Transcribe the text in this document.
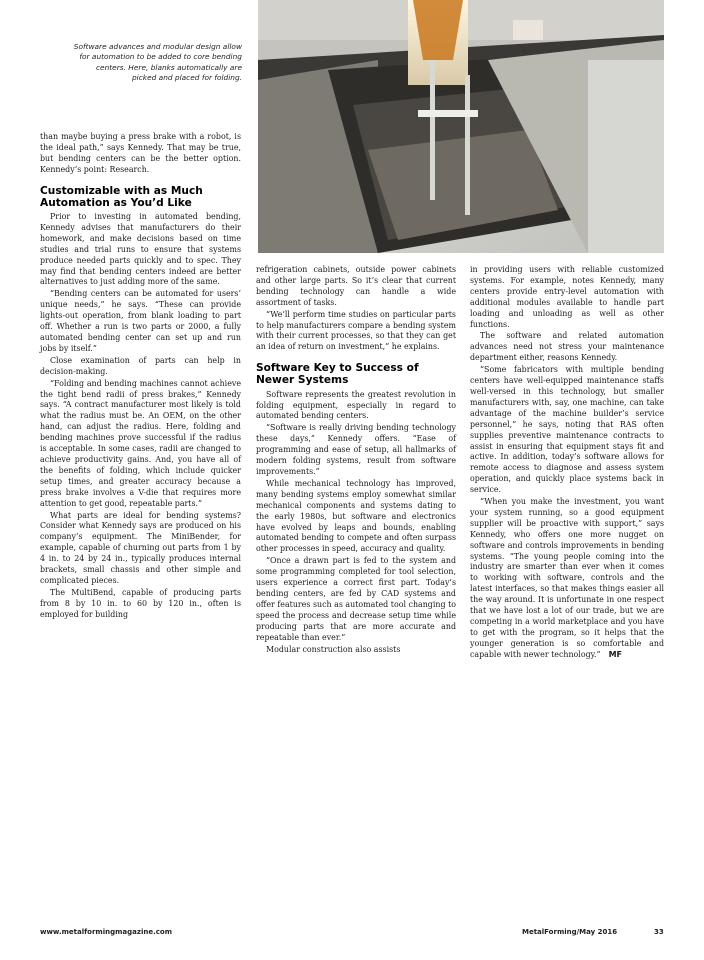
Software advances and modular design allow for automation to be added to core bending centers. Here, blanks automatically are picked and placed for folding.

than maybe buying a press brake with a robot, is the ideal path,” says Kennedy. That may be true, but bending centers can be the better option. Kennedy’s point: Research.

Customizable with as Much Automation as You’d Like

Prior to investing in automated bending, Kennedy advises that manufacturers do their homework, and make decisions based on time studies and trial runs to ensure that systems produce needed parts quickly and to spec. They may find that bending centers indeed are better alternatives to just adding more of the same.

“Bending centers can be automated for users’ unique needs,” he says. “These can provide lights-out operation, from blank loading to part off. Whether a run is two parts or 2000, a fully automated bending center can set up and run jobs by itself.”

Close examination of parts can help in decision-making.

“Folding and bending machines cannot achieve the tight bend radii of press brakes,” Kennedy says. “A contract manufacturer most likely is told what the radius must be. An OEM, on the other hand, can adjust the radius. Here, folding and bending machines prove successful if the radius is acceptable. In some cases, radii are changed to achieve productivity gains. And, you have all of the benefits of folding, which include quicker setup times, and greater accuracy because a press brake involves a V-die that requires more attention to get good, repeatable parts.”

What parts are ideal for bending systems? Consider what Kennedy says are produced on his company’s equipment. The MiniBender, for example, capable of churning out parts from 1 by 4 in. to 24 by 24 in., typically produces internal brackets, small chassis and other simple and complicated pieces.

The MultiBend, capable of producing parts from 8 by 10 in. to 60 by 120 in., often is employed for building

refrigeration cabinets, outside power cabinets and other large parts. So it’s clear that current bending technology can handle a wide assortment of tasks.

“We’ll perform time studies on particular parts to help manufacturers compare a bending system with their current processes, so that they can get an idea of return on investment,” he explains.

Software Key to Success of Newer Systems

Software represents the greatest revolution in folding equipment, especially in regard to automated bending centers.

“Software is really driving bending technology these days,” Kennedy offers. “Ease of programming and ease of setup, all hallmarks of modern folding systems, result from software improvements.”

While mechanical technology has improved, many bending systems employ somewhat similar mechanical components and systems dating to the early 1980s, but software and electronics have evolved by leaps and bounds, enabling automated bending to compete and often surpass other processes in speed, accuracy and quality.

“Once a drawn part is fed to the system and some programming completed for tool selection, users experience a correct first part. Today’s bending centers, are fed by CAD systems and offer features such as automated tool changing to speed the process and decrease setup time while producing parts that are more accurate and repeatable than ever.”

Modular construction also assists

in providing users with reliable customized systems. For example, notes Kennedy, many centers provide entry-level automation with additional modules available to handle part loading and unloading as well as other functions.

The software and related automation advances need not stress your maintenance department either, reasons Kennedy.

“Some fabricators with multiple bending centers have well-equipped maintenance staffs well-versed in this technology, but smaller manufacturers with, say, one machine, can take advantage of the machine builder’s service personnel,” he says, noting that RAS often supplies preventive maintenance contracts to assist in ensuring that equipment stays fit and active. In addition, today’s software allows for remote access to diagnose and assess system operation, and quickly place systems back in service.

“When you make the investment, you want your system running, so a good equipment supplier will be proactive with support,” says Kennedy, who offers one more nugget on software and controls improvements in bending systems. “The young people coming into the industry are smarter than ever when it comes to working with software, controls and the latest interfaces, so that makes things easier all the way around. It is unfortunate in one respect that we have lost a lot of our trade, but we are competing in a world marketplace and you have to get with the program, so it helps that the younger generation is so comfortable and capable with newer technology.” MF

www.metalformingmagazine.com	MetalForming/May 2016	33
